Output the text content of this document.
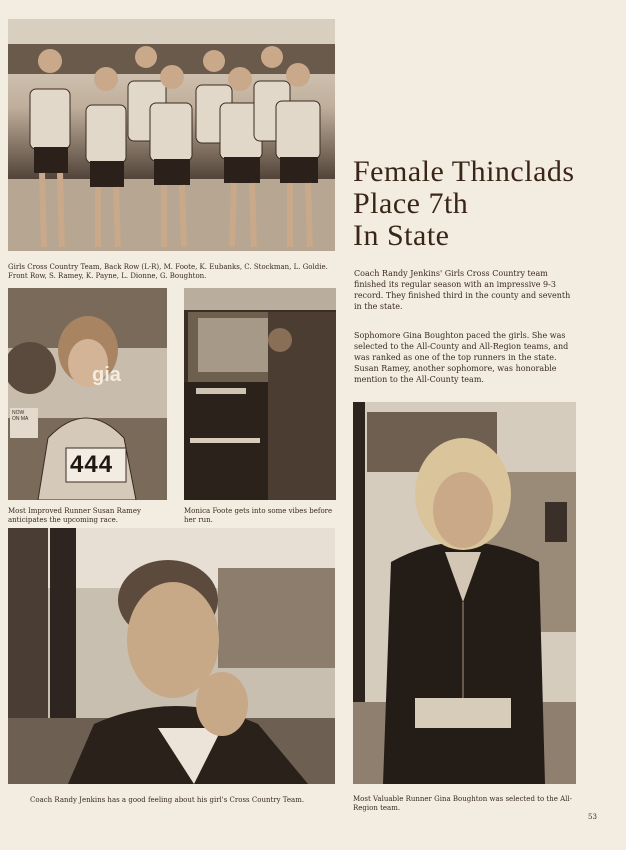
Girls Cross Country Team, Back Row (L-R), M. Foote, K. Eubanks, C. Stockman, L. Goldie. Front Row, S. Ramey, K. Payne, L. Dionne, G. Boughton.
gia
NOW
ON MA
444
Most Improved Runner Susan Ramey anticipates the upcoming race.
Monica Foote gets into some vibes before her run.
Coach Randy Jenkins has a good feeling about his girl's Cross Country Team.
Female Thinclads
Place 7th
In State
Coach Randy Jenkins' Girls Cross Country team finished its regular season with an impressive 9-3 record. They finished third in the county and seventh in the state.
Sophomore Gina Boughton paced the girls. She was selected to the All-County and All-Region teams, and was ranked as one of the top runners in the state. Susan Ramey, another sophomore, was honorable mention to the All-County team.
Most Valuable Runner Gina Boughton was selected to the All-Region team.
53
